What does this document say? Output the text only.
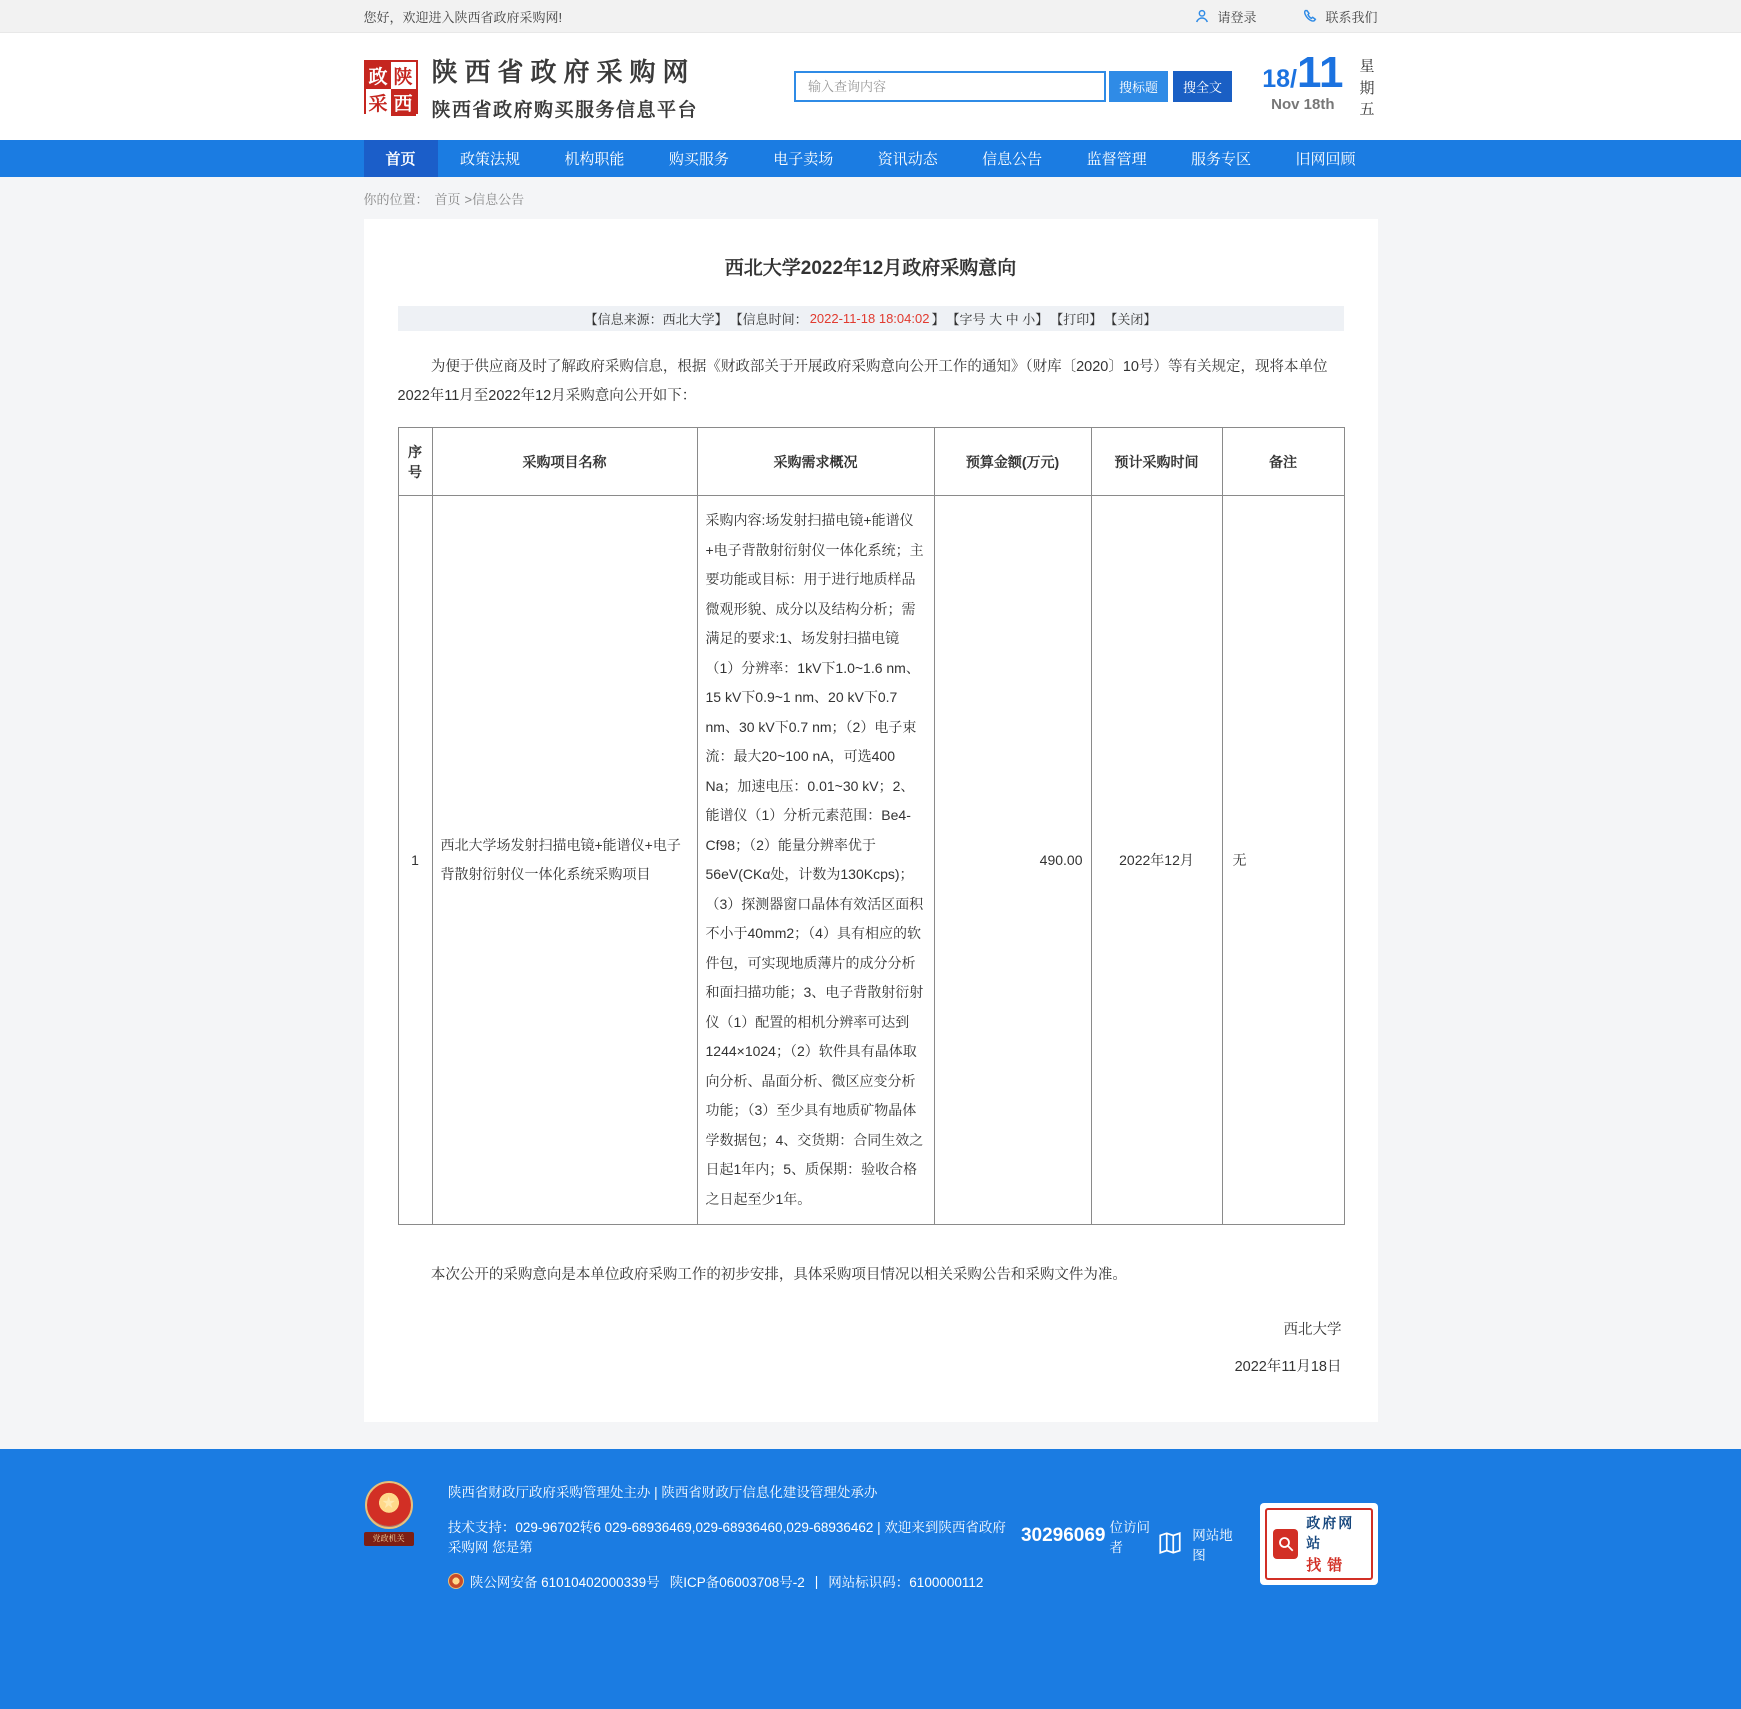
您好，欢迎进入陕西省政府采购网!	请登录	联系我们
政 陕
采 西
陕西省政府采购网
陕西省政府购买服务信息平台
输入查询内容
搜标题	搜全文	18/ 11
Nov 18th
星期五
首页	政策法规	机构职能	购买服务	电子卖场	资讯动态	信息公告	监督管理	服务专区	旧网回顾
你的位置： 首页 >信息公告
西北大学2022年12月政府采购意向
【信息来源：西北大学】 【信息时间： 2022-11-18 18:04:02 】 【字号 大 中 小】 【打印】 【关闭】

为便于供应商及时了解政府采购信息，根据《财政部关于开展政府采购意向公开工作的通知》（财库〔2020〕10号）等有关规定，现将本单位2022年11月至2022年12月采购意向公开如下：

序号	采购项目名称	采购需求概况	预算金额(万元)	预计采购时间	备注
1	西北大学场发射扫描电镜+能谱仪+电子背散射衍射仪一体化系统采购项目	采购内容:场发射扫描电镜+能谱仪+电子背散射衍射仪一体化系统；主要功能或目标：用于进行地质样品微观形貌、成分以及结构分析；需满足的要求:1、场发射扫描电镜（1）分辨率：1kV下1.0~1.6 nm、15 kV下0.9~1 nm、20 kV下0.7 nm、30 kV下0.7 nm；（2）电子束流：最大20~100 nA，可选400 Na；加速电压：0.01~30 kV；2、能谱仪（1）分析元素范围：Be4-Cf98；（2）能量分辨率优于56eV(CKα处，计数为130Kcps)；（3）探测器窗口晶体有效活区面积不小于40mm2；（4）具有相应的软件包，可实现地质薄片的成分分析和面扫描功能；3、电子背散射衍射仪（1）配置的相机分辨率可达到1244×1024；（2）软件具有晶体取向分析、晶面分析、微区应变分析功能；（3）至少具有地质矿物晶体学数据包；4、交货期：合同生效之日起1年内；5、质保期：验收合格之日起至少1年。	490.00	2022年12月	无

本次公开的采购意向是本单位政府采购工作的初步安排，具体采购项目情况以相关采购公告和采购文件为准。

西北大学
2022年11月18日
★
党政机关
陕西省财政厅政府采购管理处主办 | 陕西省财政厅信息化建设管理处承办
技术支持：029-96702转6 029-68936469,029-68936460,029-68936462 | 欢迎来到陕西省政府采购网 您是第
30296069 位访问者
陕公网安备 61010402000339号 陕ICP备06003708号-2 | 网站标识码：6100000112
网站地图
政府网站
找错
